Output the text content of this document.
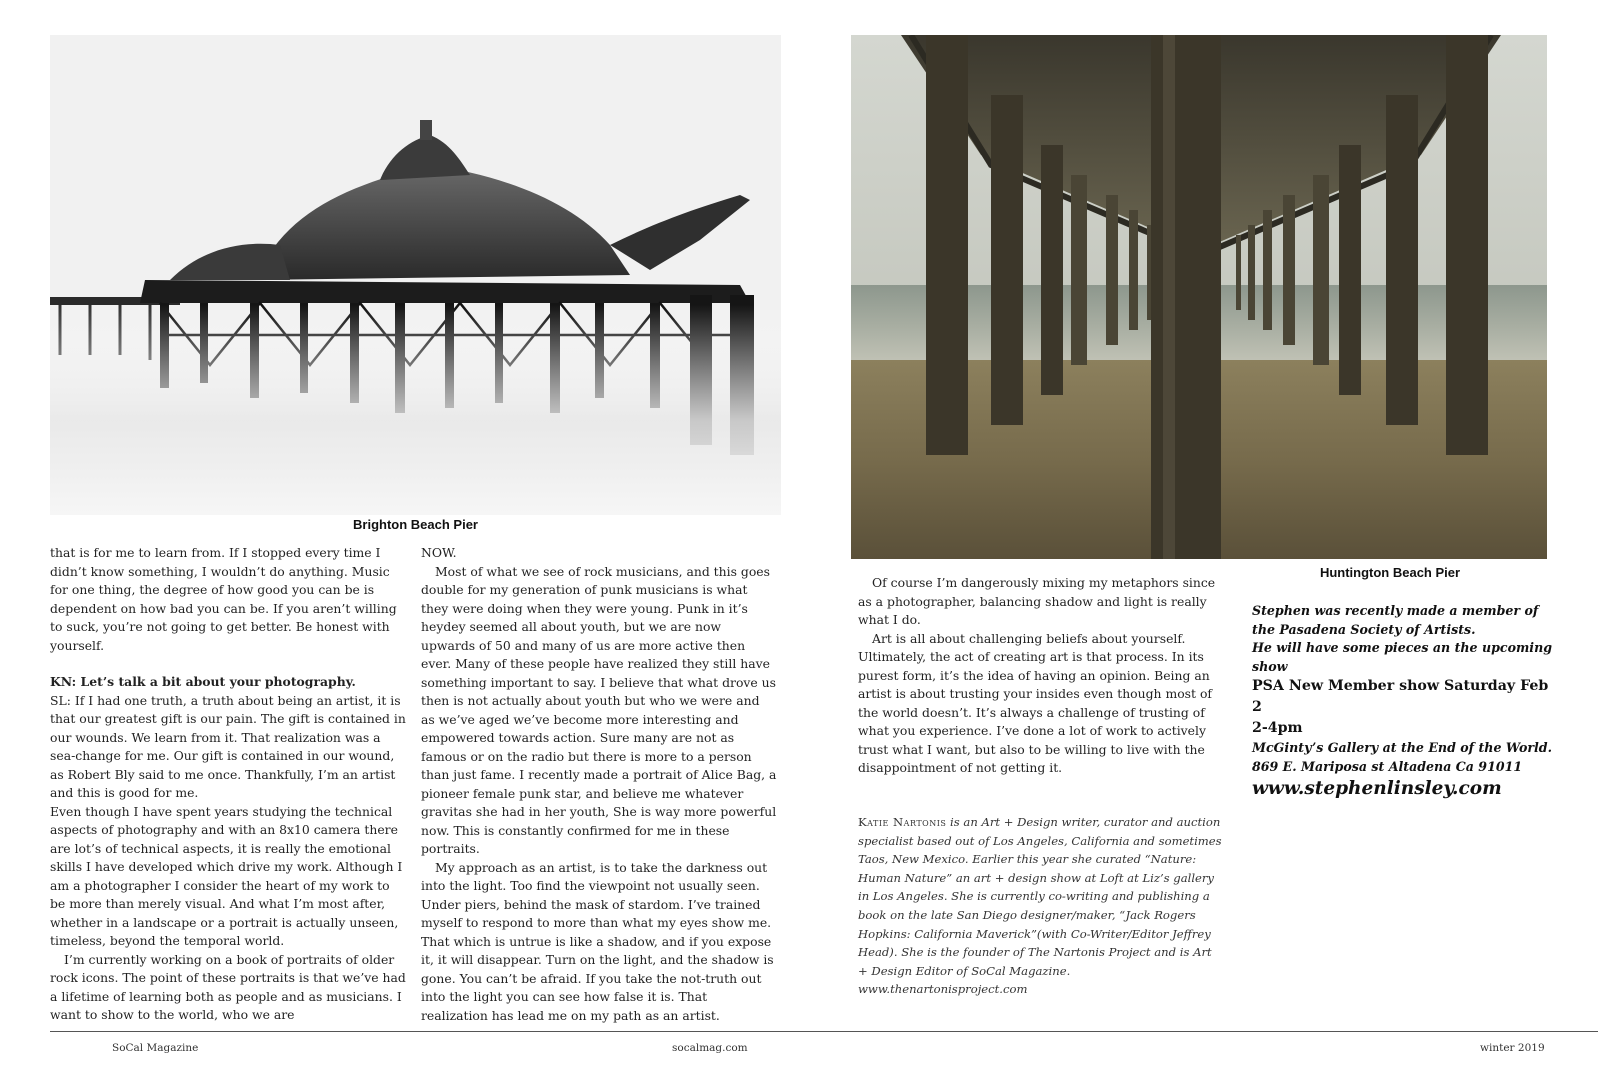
Brighton Beach Pier
Huntington Beach Pier

that is for me to learn from. If I stopped every time I didn’t know something, I wouldn’t do anything. Music for one thing, the degree of how good you can be is dependent on how bad you can be. If you aren’t willing to suck, you’re not going to get better. Be honest with yourself.

KN: Let’s talk a bit about your photography.

SL: If I had one truth, a truth about being an artist, it is that our greatest gift is our pain. The gift is contained in our wounds. We learn from it. That realization was a sea-change for me. Our gift is contained in our wound, as Robert Bly said to me once. Thankfully, I’m an artist and this is good for me.

Even though I have spent years studying the technical aspects of photography and with an 8x10 camera there are lot’s of technical aspects, it is really the emotional skills I have developed which drive my work. Although I am a photographer I consider the heart of my work to be more than merely visual. And what I’m most after, whether in a landscape or a portrait is actually unseen, timeless, beyond the temporal world.

I’m currently working on a book of portraits of older rock icons. The point of these portraits is that we’ve had a lifetime of learning both as people and as musicians. I want to show to the world, who we are

NOW.

Most of what we see of rock musicians, and this goes double for my generation of punk musicians is what they were doing when they were young. Punk in it’s heydey seemed all about youth, but we are now upwards of 50 and many of us are more active then ever. Many of these people have realized they still have something important to say. I believe that what drove us then is not actually about youth but who we were and as we’ve aged we’ve become more interesting and empowered towards action. Sure many are not as famous or on the radio but there is more to a person than just fame. I recently made a portrait of Alice Bag, a pioneer female punk star, and believe me whatever gravitas she had in her youth, She is way more powerful now. This is constantly confirmed for me in these portraits.

My approach as an artist, is to take the darkness out into the light. Too find the viewpoint not usually seen. Under piers, behind the mask of stardom. I’ve trained myself to respond to more than what my eyes show me. That which is untrue is like a shadow, and if you expose it, it will disappear. Turn on the light, and the shadow is gone. You can’t be afraid. If you take the not-truth out into the light you can see how false it is. That realization has lead me on my path as an artist.

Of course I’m dangerously mixing my metaphors since as a photographer, balancing shadow and light is really what I do.

Art is all about challenging beliefs about yourself. Ultimately, the act of creating art is that process. In its purest form, it’s the idea of having an opinion. Being an artist is about trusting your insides even though most of the world doesn’t. It’s always a challenge of trusting of what you experience. I’ve done a lot of work to actively trust what I want, but also to be willing to live with the disappointment of not getting it.

Katie Nartonis is an Art + Design writer, curator and auction specialist based out of Los Angeles, California and sometimes Taos, New Mexico. Earlier this year she curated “Nature: Human Nature” an art + design show at Loft at Liz’s gallery in Los Angeles. She is currently co-writing and publishing a book on the late San Diego designer/maker, “Jack Rogers Hopkins: California Maverick”(with Co-Writer/Editor Jeffrey Head). She is the founder of The Nartonis Project and is Art + Design Editor of SoCal Magazine. www.thenartonisproject.com
Stephen was recently made a member of the Pasadena Society of Artists.
He will have some pieces an the upcoming show
PSA New Member show Saturday Feb 2
2-4pm
McGinty’s Gallery at the End of the World.
869 E. Mariposa st Altadena Ca 91011
www.stephenlinsley.com
SoCal Magazine	socalmag.com	winter 2019
